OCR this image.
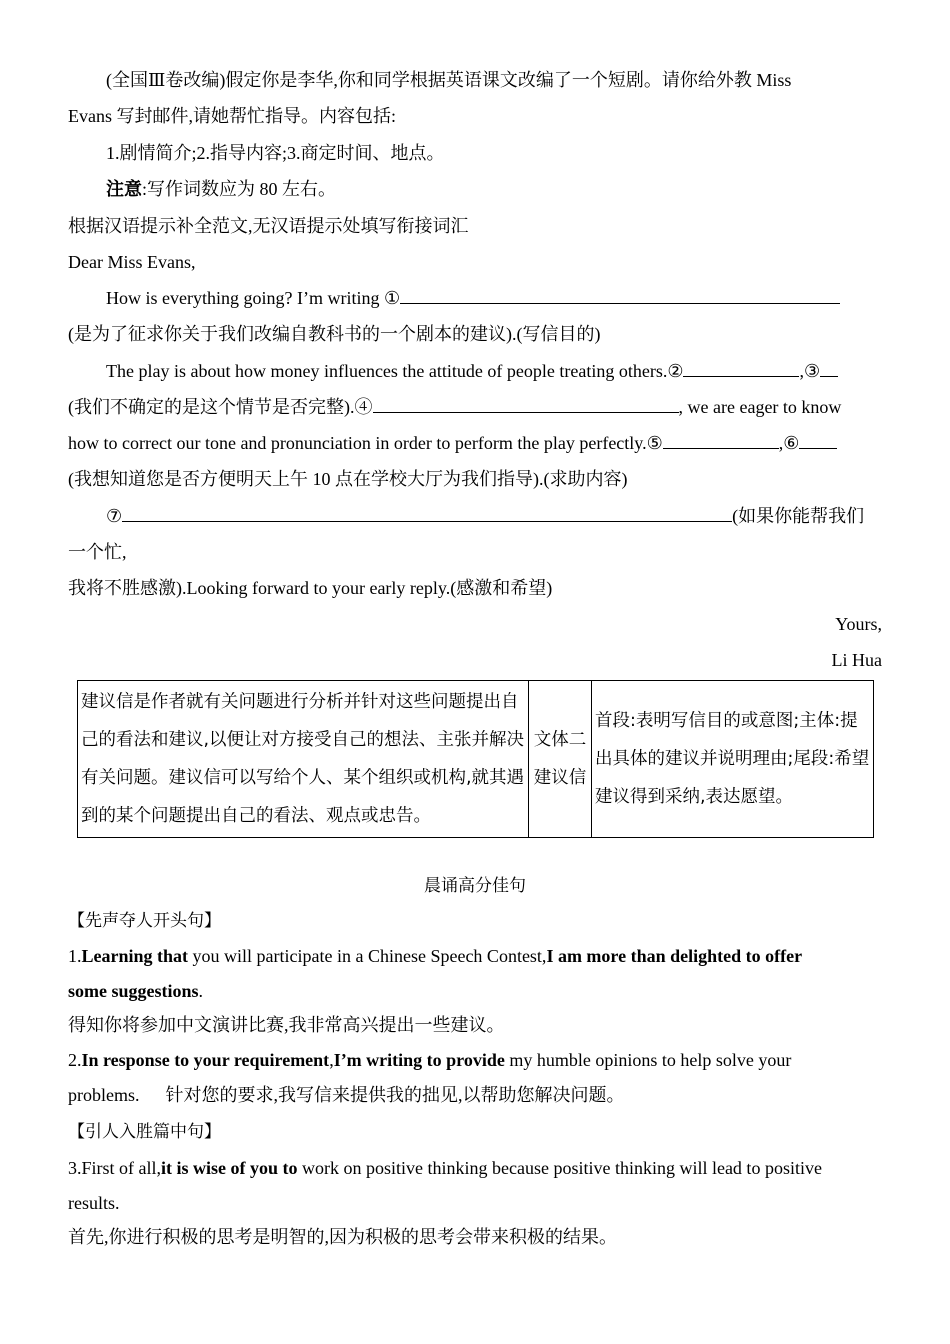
(全国Ⅲ卷改编)假定你是李华,你和同学根据英语课文改编了一个短剧。请你给外教 Miss
Evans 写封邮件,请她帮忙指导。内容包括:
1.剧情简介;2.指导内容;3.商定时间、地点。
注意:写作词数应为 80 左右。
根据汉语提示补全范文,无汉语提示处填写衔接词汇
Dear Miss Evans,
How is everything going? I’m writing ①
(是为了征求你关于我们改编自教科书的一个剧本的建议).(写信目的)
The play is about how money influences the attitude of people treating others.②	,③
(我们不确定的是这个情节是否完整).④	, we are eager to know
how to correct our tone and pronunciation in order to perform the play perfectly.⑤	,⑥
(我想知道您是否方便明天上午 10 点在学校大厅为我们指导).(求助内容)
⑦	(如果你能帮我们
一个忙,
我将不胜感激).Looking forward to your early reply.(感激和希望)
Yours,
Li Hua
建议信是作者就有关问题进行分析并针对这些问题提出自己的看法和建议,以便让对方接受自己的想法、主张并解决有关问题。建议信可以写给个人、某个组织或机构,就其遇到的某个问题提出自己的看法、观点或忠告。	文体二建议信	首段:表明写信目的或意图;主体:提出具体的建议并说明理由;尾段:希望建议得到采纳,表达愿望。
晨诵高分佳句
【先声夺人开头句】
1.Learning that you will participate in a Chinese Speech Contest,I am more than delighted to offer
some suggestions.
得知你将参加中文演讲比赛,我非常高兴提出一些建议。
2.In response to your requirement,I’m writing to provide my humble opinions to help solve your
problems. 针对您的要求,我写信来提供我的拙见,以帮助您解决问题。
【引人入胜篇中句】
3.First of all,it is wise of you to work on positive thinking because positive thinking will lead to positive
results.
首先,你进行积极的思考是明智的,因为积极的思考会带来积极的结果。
